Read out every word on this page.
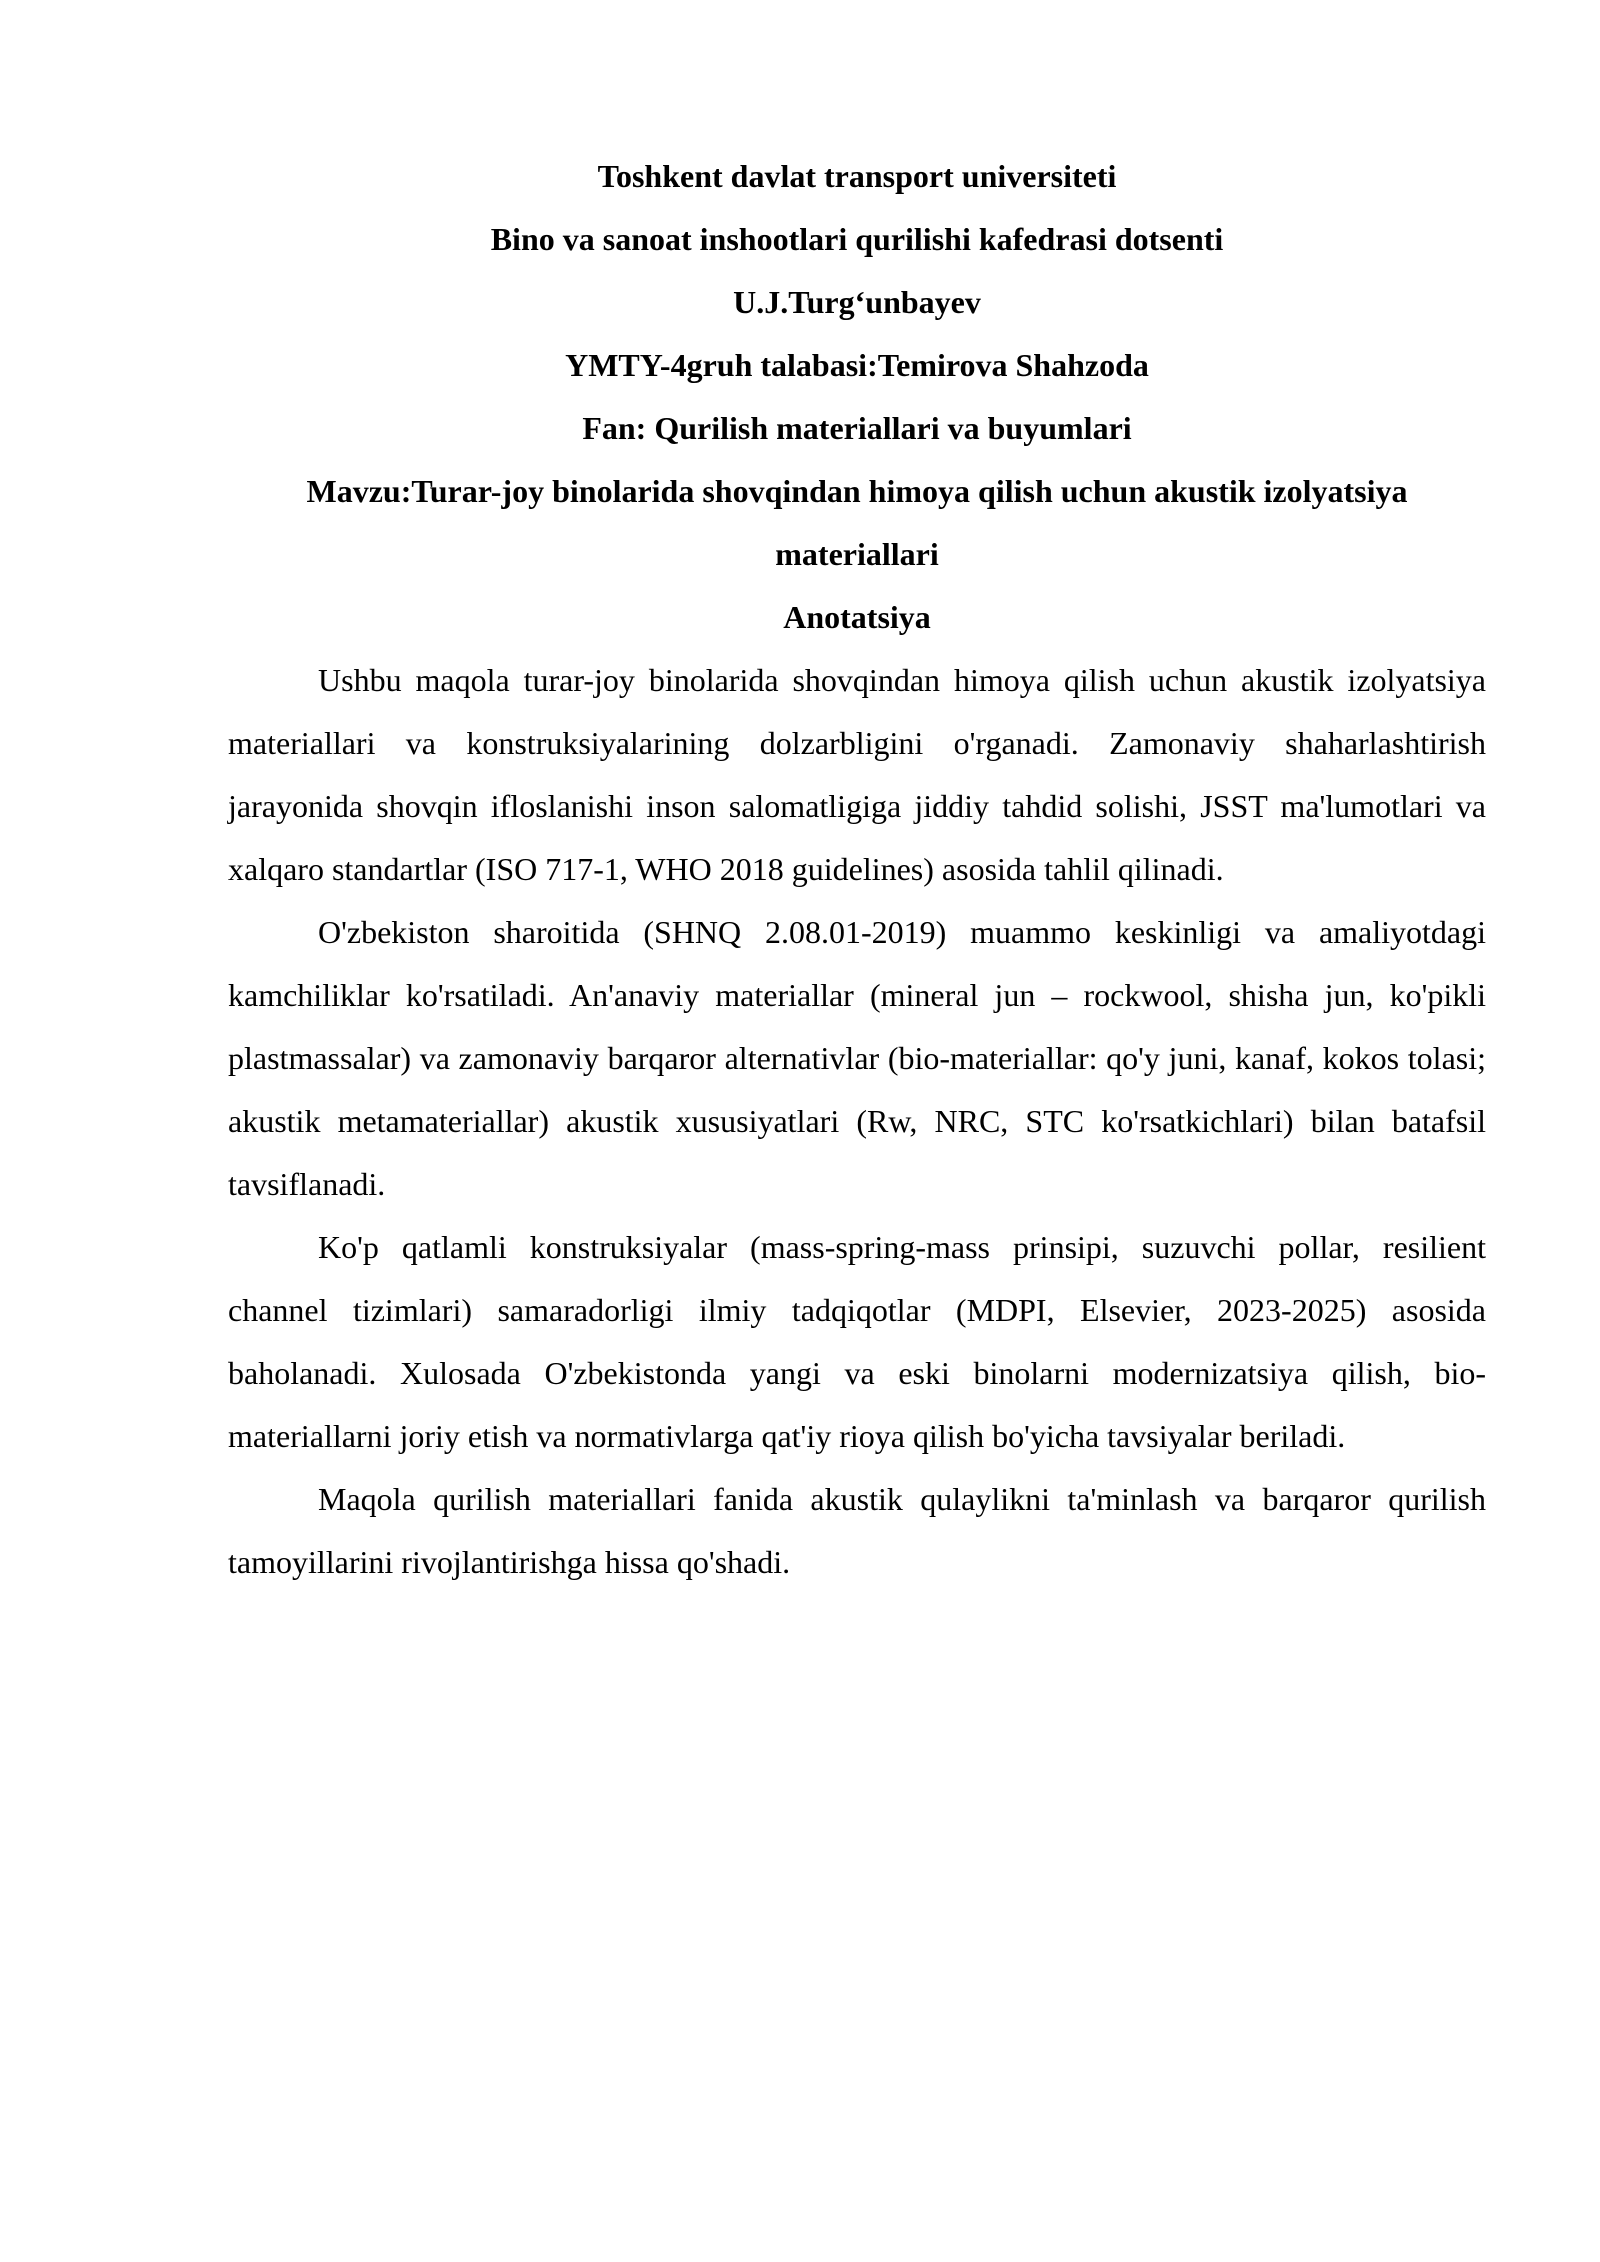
Toshkent davlat transport universiteti

Bino va sanoat inshootlari qurilishi kafedrasi dotsenti

U.J.Turgʻunbayev

YMTY-4gruh talabasi:Temirova Shahzoda

Fan: Qurilish materiallari va buyumlari

Mavzu:Turar-joy binolarida shovqindan himoya qilish uchun akustik izolyatsiya materiallari

Anotatsiya

Ushbu maqola turar-joy binolarida shovqindan himoya qilish uchun akustik izolyatsiya materiallari va konstruksiyalarining dolzarbligini o'rganadi. Zamonaviy shaharlashtirish jarayonida shovqin ifloslanishi inson salomatligiga jiddiy tahdid solishi, JSST ma'lumotlari va xalqaro standartlar (ISO 717-1, WHO 2018 guidelines) asosida tahlil qilinadi.

O'zbekiston sharoitida (SHNQ 2.08.01-2019) muammo keskinligi va amaliyotdagi kamchiliklar ko'rsatiladi. An'anaviy materiallar (mineral jun – rockwool, shisha jun, ko'pikli plastmassalar) va zamonaviy barqaror alternativlar (bio-materiallar: qo'y juni, kanaf, kokos tolasi; akustik metamateriallar) akustik xususiyatlari (Rw, NRC, STC ko'rsatkichlari) bilan batafsil tavsiflanadi.

Ko'p qatlamli konstruksiyalar (mass-spring-mass prinsipi, suzuvchi pollar, resilient channel tizimlari) samaradorligi ilmiy tadqiqotlar (MDPI, Elsevier, 2023-2025) asosida baholanadi. Xulosada O'zbekistonda yangi va eski binolarni modernizatsiya qilish, bio-materiallarni joriy etish va normativlarga qat'iy rioya qilish bo'yicha tavsiyalar beriladi.

Maqola qurilish materiallari fanida akustik qulaylikni ta'minlash va barqaror qurilish tamoyillarini rivojlantirishga hissa qo'shadi.
